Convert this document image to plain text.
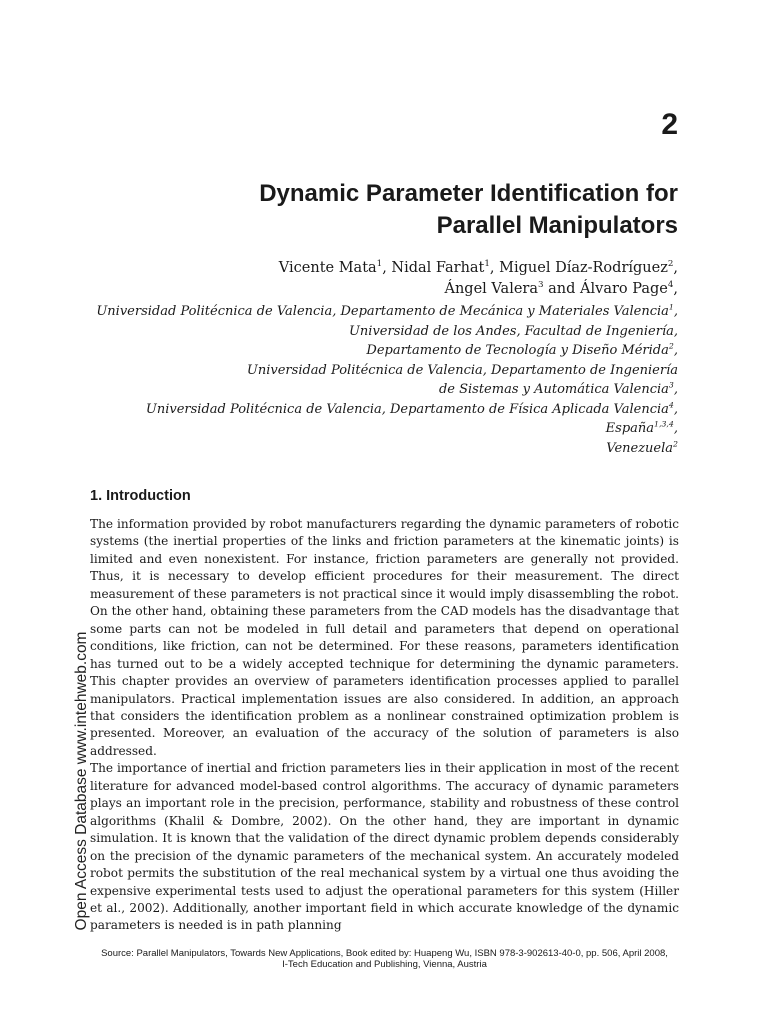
2
Dynamic Parameter Identification for
Parallel Manipulators
Vicente Mata$^1$, Nidal Farhat$^1$, Miguel Díaz-Rodríguez$^2$,
Ángel Valera$^3$ and Álvaro Page$^4$,
Universidad Politécnica de Valencia, Departamento de Mecánica y Materiales Valencia$^1$,
Universidad de los Andes, Facultad de Ingeniería,
Departamento de Tecnología y Diseño Mérida$^2$,
Universidad Politécnica de Valencia, Departamento de Ingeniería
de Sistemas y Automática Valencia$^3$,
Universidad Politécnica de Valencia, Departamento de Física Aplicada Valencia$^4$,
España$^{1,3,4}$,
Venezuela$^2$
1. Introduction

The information provided by robot manufacturers regarding the dynamic parameters of robotic systems (the inertial properties of the links and friction parameters at the kinematic joints) is limited and even nonexistent. For instance, friction parameters are generally not provided. Thus, it is necessary to develop efficient procedures for their measurement. The direct measurement of these parameters is not practical since it would imply disassembling the robot. On the other hand, obtaining these parameters from the CAD models has the disadvantage that some parts can not be modeled in full detail and parameters that depend on operational conditions, like friction, can not be determined. For these reasons, parameters identification has turned out to be a widely accepted technique for determining the dynamic parameters. This chapter provides an overview of parameters identification processes applied to parallel manipulators. Practical implementation issues are also considered. In addition, an approach that considers the identification problem as a nonlinear constrained optimization problem is presented. Moreover, an evaluation of the accuracy of the solution of parameters is also addressed.

The importance of inertial and friction parameters lies in their application in most of the recent literature for advanced model-based control algorithms. The accuracy of dynamic parameters plays an important role in the precision, performance, stability and robustness of these control algorithms (Khalil & Dombre, 2002). On the other hand, they are important in dynamic simulation. It is known that the validation of the direct dynamic problem depends considerably on the precision of the dynamic parameters of the mechanical system. An accurately modeled robot permits the substitution of the real mechanical system by a virtual one thus avoiding the expensive experimental tests used to adjust the operational parameters for this system (Hiller et al., 2002). Additionally, another important field in which accurate knowledge of the dynamic parameters is needed is in path planning

Open Access Database www.intehweb.com
Source: Parallel Manipulators, Towards New Applications, Book edited by: Huapeng Wu, ISBN 978-3-902613-40-0, pp. 506, April 2008,
I-Tech Education and Publishing, Vienna, Austria
